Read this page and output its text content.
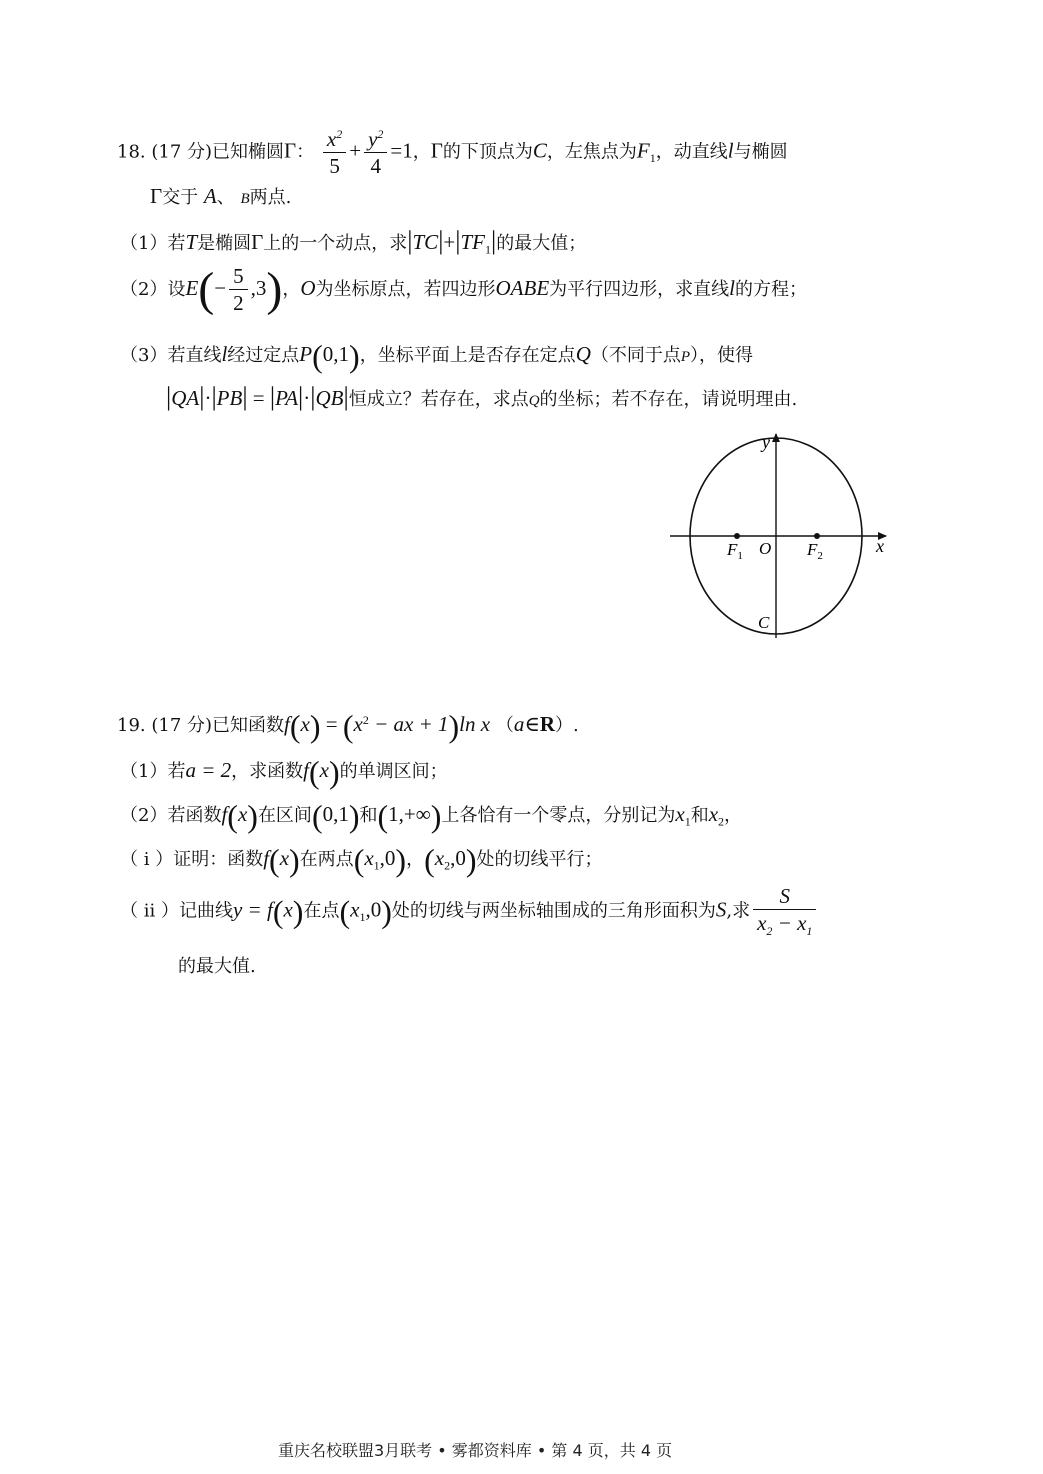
18. (17 分)已知椭圆Γ： $\frac{x^2}{5} + \frac{y^2}{4} =1$，Γ的下顶点为C，左焦点为$F_1$，动直线l与椭圆
Γ交于 A、 B两点.
（1）若T是椭圆Γ上的一个动点，求$|TC|+|TF_1|$的最大值；
（2）设$E(- \frac{5}{2} ,3)$，O为坐标原点，若四边形OABE为平行四边形，求直线l的方程；
（3）若直线l经过定点P(0,1)，坐标平面上是否存在定点Q（不同于点P），使得
|QA|·|PB| = |PA|·|QB|恒成立？若存在，求点Q的坐标；若不存在，请说明理由.
y
x
O
$F_1$	$F_2$
C
19. (17 分)已知函数$f(x) = (x^2$ − ax + 1)ln x （a∈R）.
（1）若a = 2，求函数f(x)的单调区间；
（2）若函数f(x)在区间(0,1)和(1,+∞)上各恰有一个零点，分别记为$x_1$和$x_2$，
（ i ）证明：函数f(x)在两点$(x_1,0)$，$(x_2,0)$处的切线平行；
（ ii ）记曲线y = f(x)在点$(x_1,0)$处的切线与两坐标轴围成的三角形面积为S,求 $\frac{S}{x_2 - x_1}$
的最大值.
重庆名校联盟3月联考 • 雾都资料库 • 第 4 页，共 4 页
